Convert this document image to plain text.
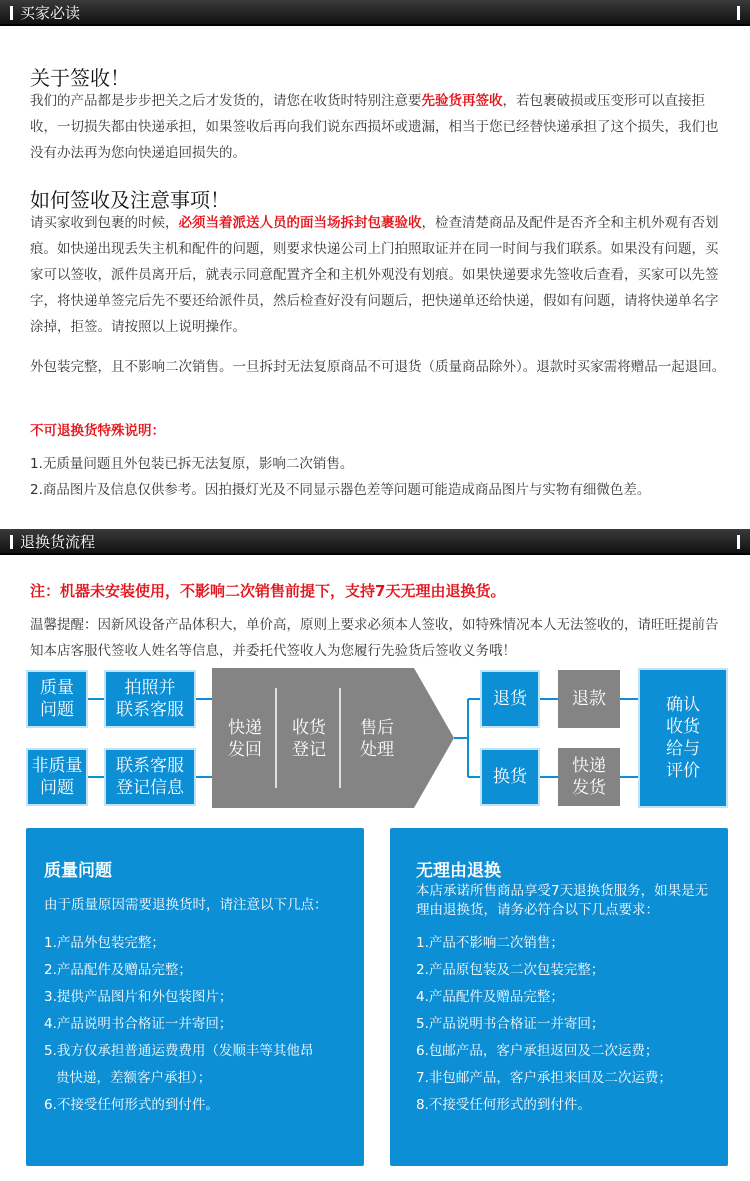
买家必读
关于签收！
我们的产品都是步步把关之后才发货的，请您在收货时特别注意要先验货再签收，若包裹破损或压变形可以直接拒收，一切损失都由快递承担，如果签收后再向我们说东西损坏或遗漏，相当于您已经替快递承担了这个损失，我们也没有办法再为您向快递追回损失的。
如何签收及注意事项！
请买家收到包裹的时候，必须当着派送人员的面当场拆封包裹验收，检查清楚商品及配件是否齐全和主机外观有否划痕。如快递出现丢失主机和配件的问题，则要求快递公司上门拍照取证并在同一时间与我们联系。如果没有问题，买家可以签收，派件员离开后，就表示同意配置齐全和主机外观没有划痕。如果快递要求先签收后查看，买家可以先签字，将快递单签完后先不要还给派件员，然后检查好没有问题后，把快递单还给快递，假如有问题，请将快递单名字涂掉，拒签。请按照以上说明操作。
外包装完整，且不影响二次销售。一旦拆封无法复原商品不可退货（质量商品除外）。退款时买家需将赠品一起退回。
不可退换货特殊说明：
1.无质量问题且外包装已拆无法复原，影响二次销售。
2.商品图片及信息仅供参考。因拍摄灯光及不同显示器色差等问题可能造成商品图片与实物有细微色差。
退换货流程
注：机器未安装使用，不影响二次销售前提下，支持7天无理由退换货。
温馨提醒：因新风设备产品体积大，单价高，原则上要求必须本人签收，如特殊情况本人无法签收的，请旺旺提前告知本店客服代签收人姓名等信息，并委托代签收人为您履行先验货后签收义务哦！
质量
问题
拍照并
联系客服
非质量
问题
联系客服
登记信息
快递
发回
收货
登记
售后
处理
退货	退款
换货
快递
发货
确认
收货
给与
评价
质量问题
由于质量原因需要退换货时，请注意以下几点：
1.产品外包装完整；
2.产品配件及赠品完整；
3.提供产品图片和外包装图片；
4.产品说明书合格证一并寄回；
5.我方仅承担普通运费费用（发顺丰等其他昂
贵快递，差额客户承担）；
6.不接受任何形式的到付件。
无理由退换
本店承诺所售商品享受7天退换货服务，如果是无理由退换货，请务必符合以下几点要求：
1.产品不影响二次销售；
2.产品原包装及二次包装完整；
4.产品配件及赠品完整；
5.产品说明书合格证一并寄回；
6.包邮产品，客户承担返回及二次运费；
7.非包邮产品，客户承担来回及二次运费；
8.不接受任何形式的到付件。
